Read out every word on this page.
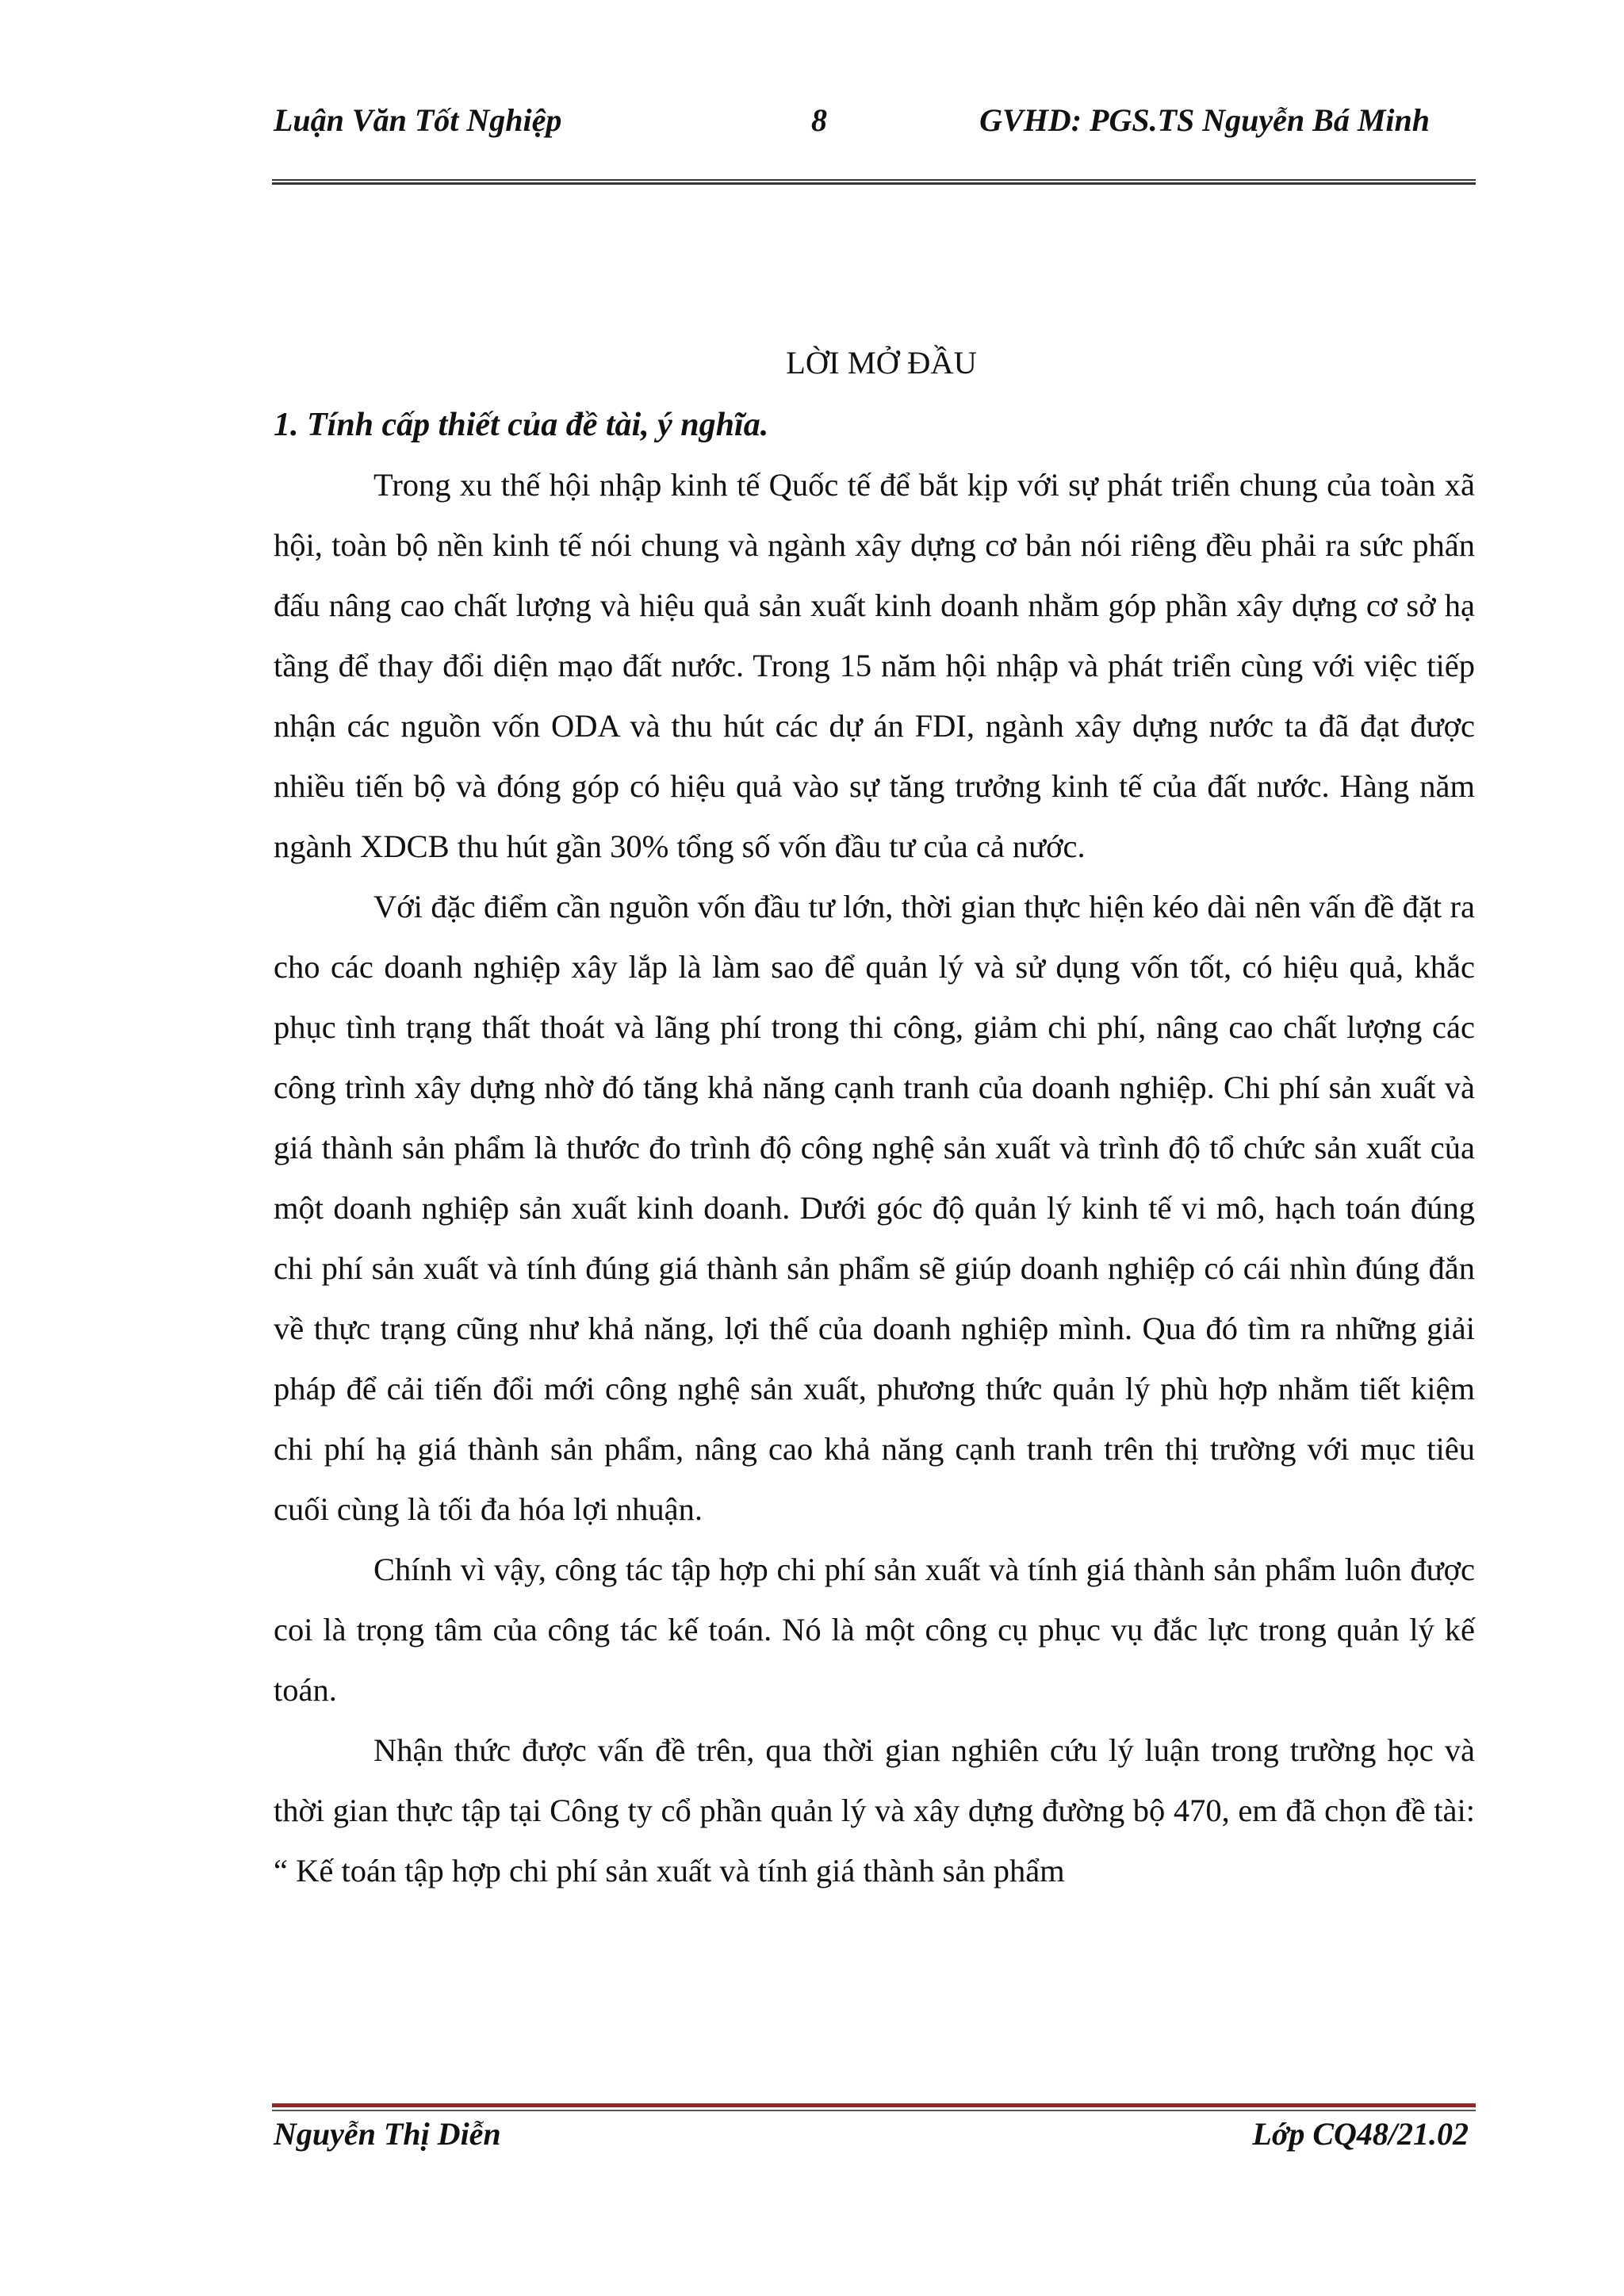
Luận Văn Tốt Nghiệp	8	GVHD: PGS.TS Nguyễn Bá Minh
LỜI MỞ ĐẦU
1. Tính cấp thiết của đề tài, ý nghĩa.

Trong xu thế hội nhập kinh tế Quốc tế để bắt kịp với sự phát triển chung của toàn xã hội, toàn bộ nền kinh tế nói chung và ngành xây dựng cơ bản nói riêng đều phải ra sức phấn đấu nâng cao chất lượng và hiệu quả sản xuất kinh doanh nhằm góp phần xây dựng cơ sở hạ tầng để thay đổi diện mạo đất nước. Trong 15 năm hội nhập và phát triển cùng với việc tiếp nhận các nguồn vốn ODA và thu hút các dự án FDI, ngành xây dựng nước ta đã đạt được nhiều tiến bộ và đóng góp có hiệu quả vào sự tăng trưởng kinh tế của đất nước. Hàng năm ngành XDCB thu hút gần 30% tổng số vốn đầu tư của cả nước.

Với đặc điểm cần nguồn vốn đầu tư lớn, thời gian thực hiện kéo dài nên vấn đề đặt ra cho các doanh nghiệp xây lắp là làm sao để quản lý và sử dụng vốn tốt, có hiệu quả, khắc phục tình trạng thất thoát và lãng phí trong thi công, giảm chi phí, nâng cao chất lượng các công trình xây dựng nhờ đó tăng khả năng cạnh tranh của doanh nghiệp. Chi phí sản xuất và giá thành sản phẩm là thước đo trình độ công nghệ sản xuất và trình độ tổ chức sản xuất của một doanh nghiệp sản xuất kinh doanh. Dưới góc độ quản lý kinh tế vi mô, hạch toán đúng chi phí sản xuất và tính đúng giá thành sản phẩm sẽ giúp doanh nghiệp có cái nhìn đúng đắn về thực trạng cũng như khả năng, lợi thế của doanh nghiệp mình. Qua đó tìm ra những giải pháp để cải tiến đổi mới công nghệ sản xuất, phương thức quản lý phù hợp nhằm tiết kiệm chi phí hạ giá thành sản phẩm, nâng cao khả năng cạnh tranh trên thị trường với mục tiêu cuối cùng là tối đa hóa lợi nhuận.

Chính vì vậy, công tác tập hợp chi phí sản xuất và tính giá thành sản phẩm luôn được coi là trọng tâm của công tác kế toán. Nó là một công cụ phục vụ đắc lực trong quản lý kế toán.

Nhận thức được vấn đề trên, qua thời gian nghiên cứu lý luận trong trường học và thời gian thực tập tại Công ty cổ phần quản lý và xây dựng đường bộ 470, em đã chọn đề tài: “ Kế toán tập hợp chi phí sản xuất và tính giá thành sản phẩm

Nguyễn Thị Diễn	Lớp CQ48/21.02
